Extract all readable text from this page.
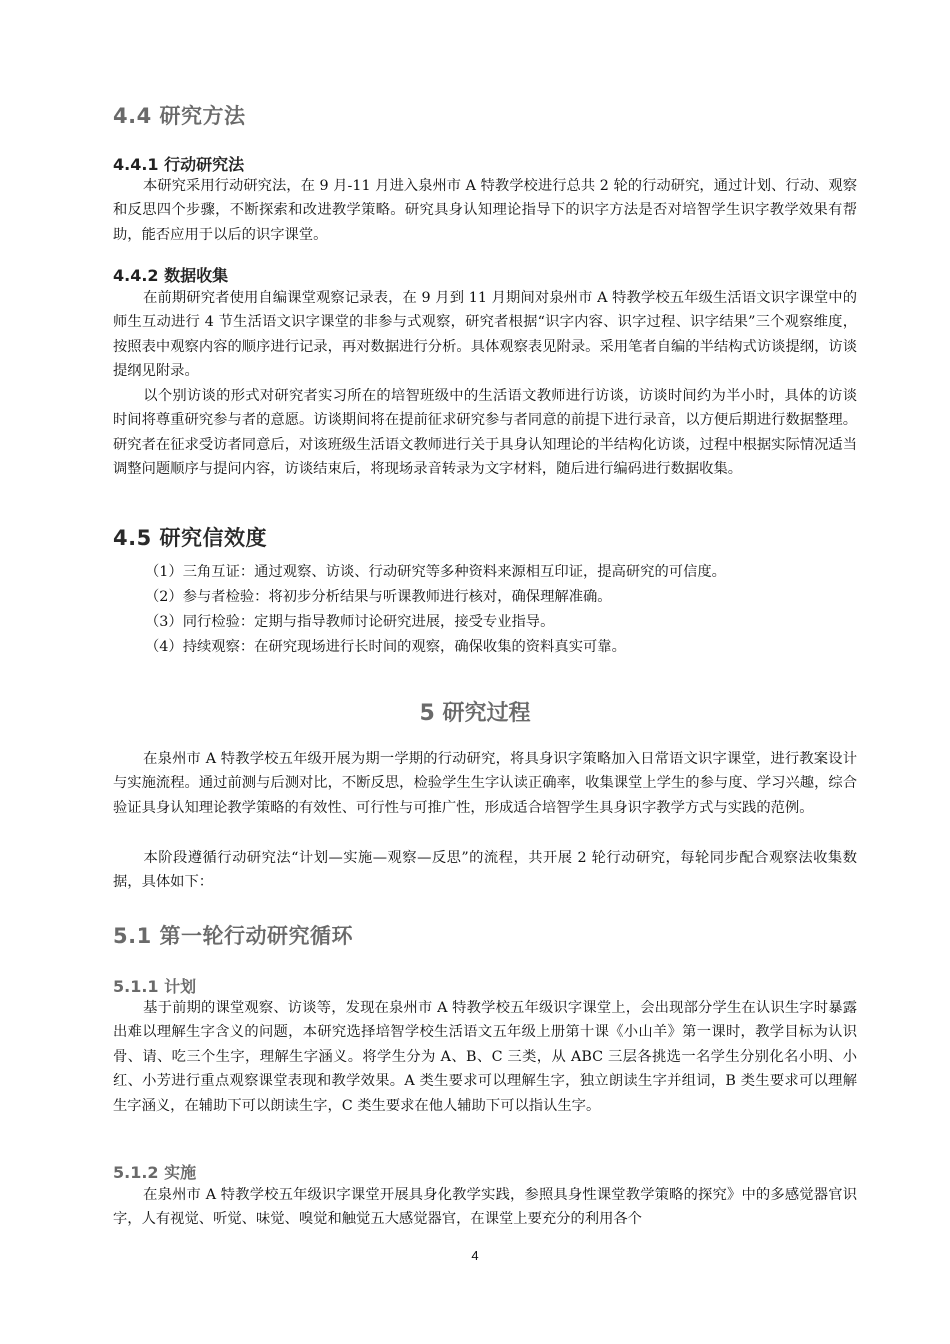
4.4 研究方法
4.4.1 行动研究法

本研究采用行动研究法，在 9 月-11 月进入泉州市 A 特教学校进行总共 2 轮的行动研究，通过计划、行动、观察和反思四个步骤，不断探索和改进教学策略。研究具身认知理论指导下的识字方法是否对培智学生识字教学效果有帮助，能否应用于以后的识字课堂。

4.4.2 数据收集

在前期研究者使用自编课堂观察记录表，在 9 月到 11 月期间对泉州市 A 特教学校五年级生活语文识字课堂中的师生互动进行 4 节生活语文识字课堂的非参与式观察，研究者根据“识字内容、识字过程、识字结果”三个观察维度，按照表中观察内容的顺序进行记录，再对数据进行分析。具体观察表见附录。采用笔者自编的半结构式访谈提纲，访谈提纲见附录。

以个别访谈的形式对研究者实习所在的培智班级中的生活语文教师进行访谈，访谈时间约为半小时，具体的访谈时间将尊重研究参与者的意愿。访谈期间将在提前征求研究参与者同意的前提下进行录音，以方便后期进行数据整理。研究者在征求受访者同意后，对该班级生活语文教师进行关于具身认知理论的半结构化访谈，过程中根据实际情况适当调整问题顺序与提问内容，访谈结束后，将现场录音转录为文字材料，随后进行编码进行数据收集。

4.5 研究信效度
（1）三角互证：通过观察、访谈、行动研究等多种资料来源相互印证，提高研究的可信度。
（2）参与者检验：将初步分析结果与听课教师进行核对，确保理解准确。
（3）同行检验：定期与指导教师讨论研究进展，接受专业指导。
（4）持续观察：在研究现场进行长时间的观察，确保收集的资料真实可靠。
5 研究过程

在泉州市 A 特教学校五年级开展为期一学期的行动研究，将具身识字策略加入日常语文识字课堂，进行教案设计与实施流程。通过前测与后测对比，不断反思，检验学生生字认读正确率，收集课堂上学生的参与度、学习兴趣，综合验证具身认知理论教学策略的有效性、可行性与可推广性，形成适合培智学生具身识字教学方式与实践的范例。

本阶段遵循行动研究法“计划—实施—观察—反思”的流程，共开展 2 轮行动研究，每轮同步配合观察法收集数据，具体如下：

5.1 第一轮行动研究循环
5.1.1 计划

基于前期的课堂观察、访谈等，发现在泉州市 A 特教学校五年级识字课堂上，会出现部分学生在认识生字时暴露出难以理解生字含义的问题，本研究选择培智学校生活语文五年级上册第十课《小山羊》第一课时，教学目标为认识骨、请、吃三个生字，理解生字涵义。将学生分为 A、B、C 三类，从 ABC 三层各挑选一名学生分别化名小明、小红、小芳进行重点观察课堂表现和教学效果。A 类生要求可以理解生字，独立朗读生字并组词，B 类生要求可以理解生字涵义，在辅助下可以朗读生字，C 类生要求在他人辅助下可以指认生字。

5.1.2 实施

在泉州市 A 特教学校五年级识字课堂开展具身化教学实践，参照具身性课堂教学策略的探究》中的多感觉器官识字，人有视觉、听觉、味觉、嗅觉和触觉五大感觉器官，在课堂上要充分的利用各个

4
